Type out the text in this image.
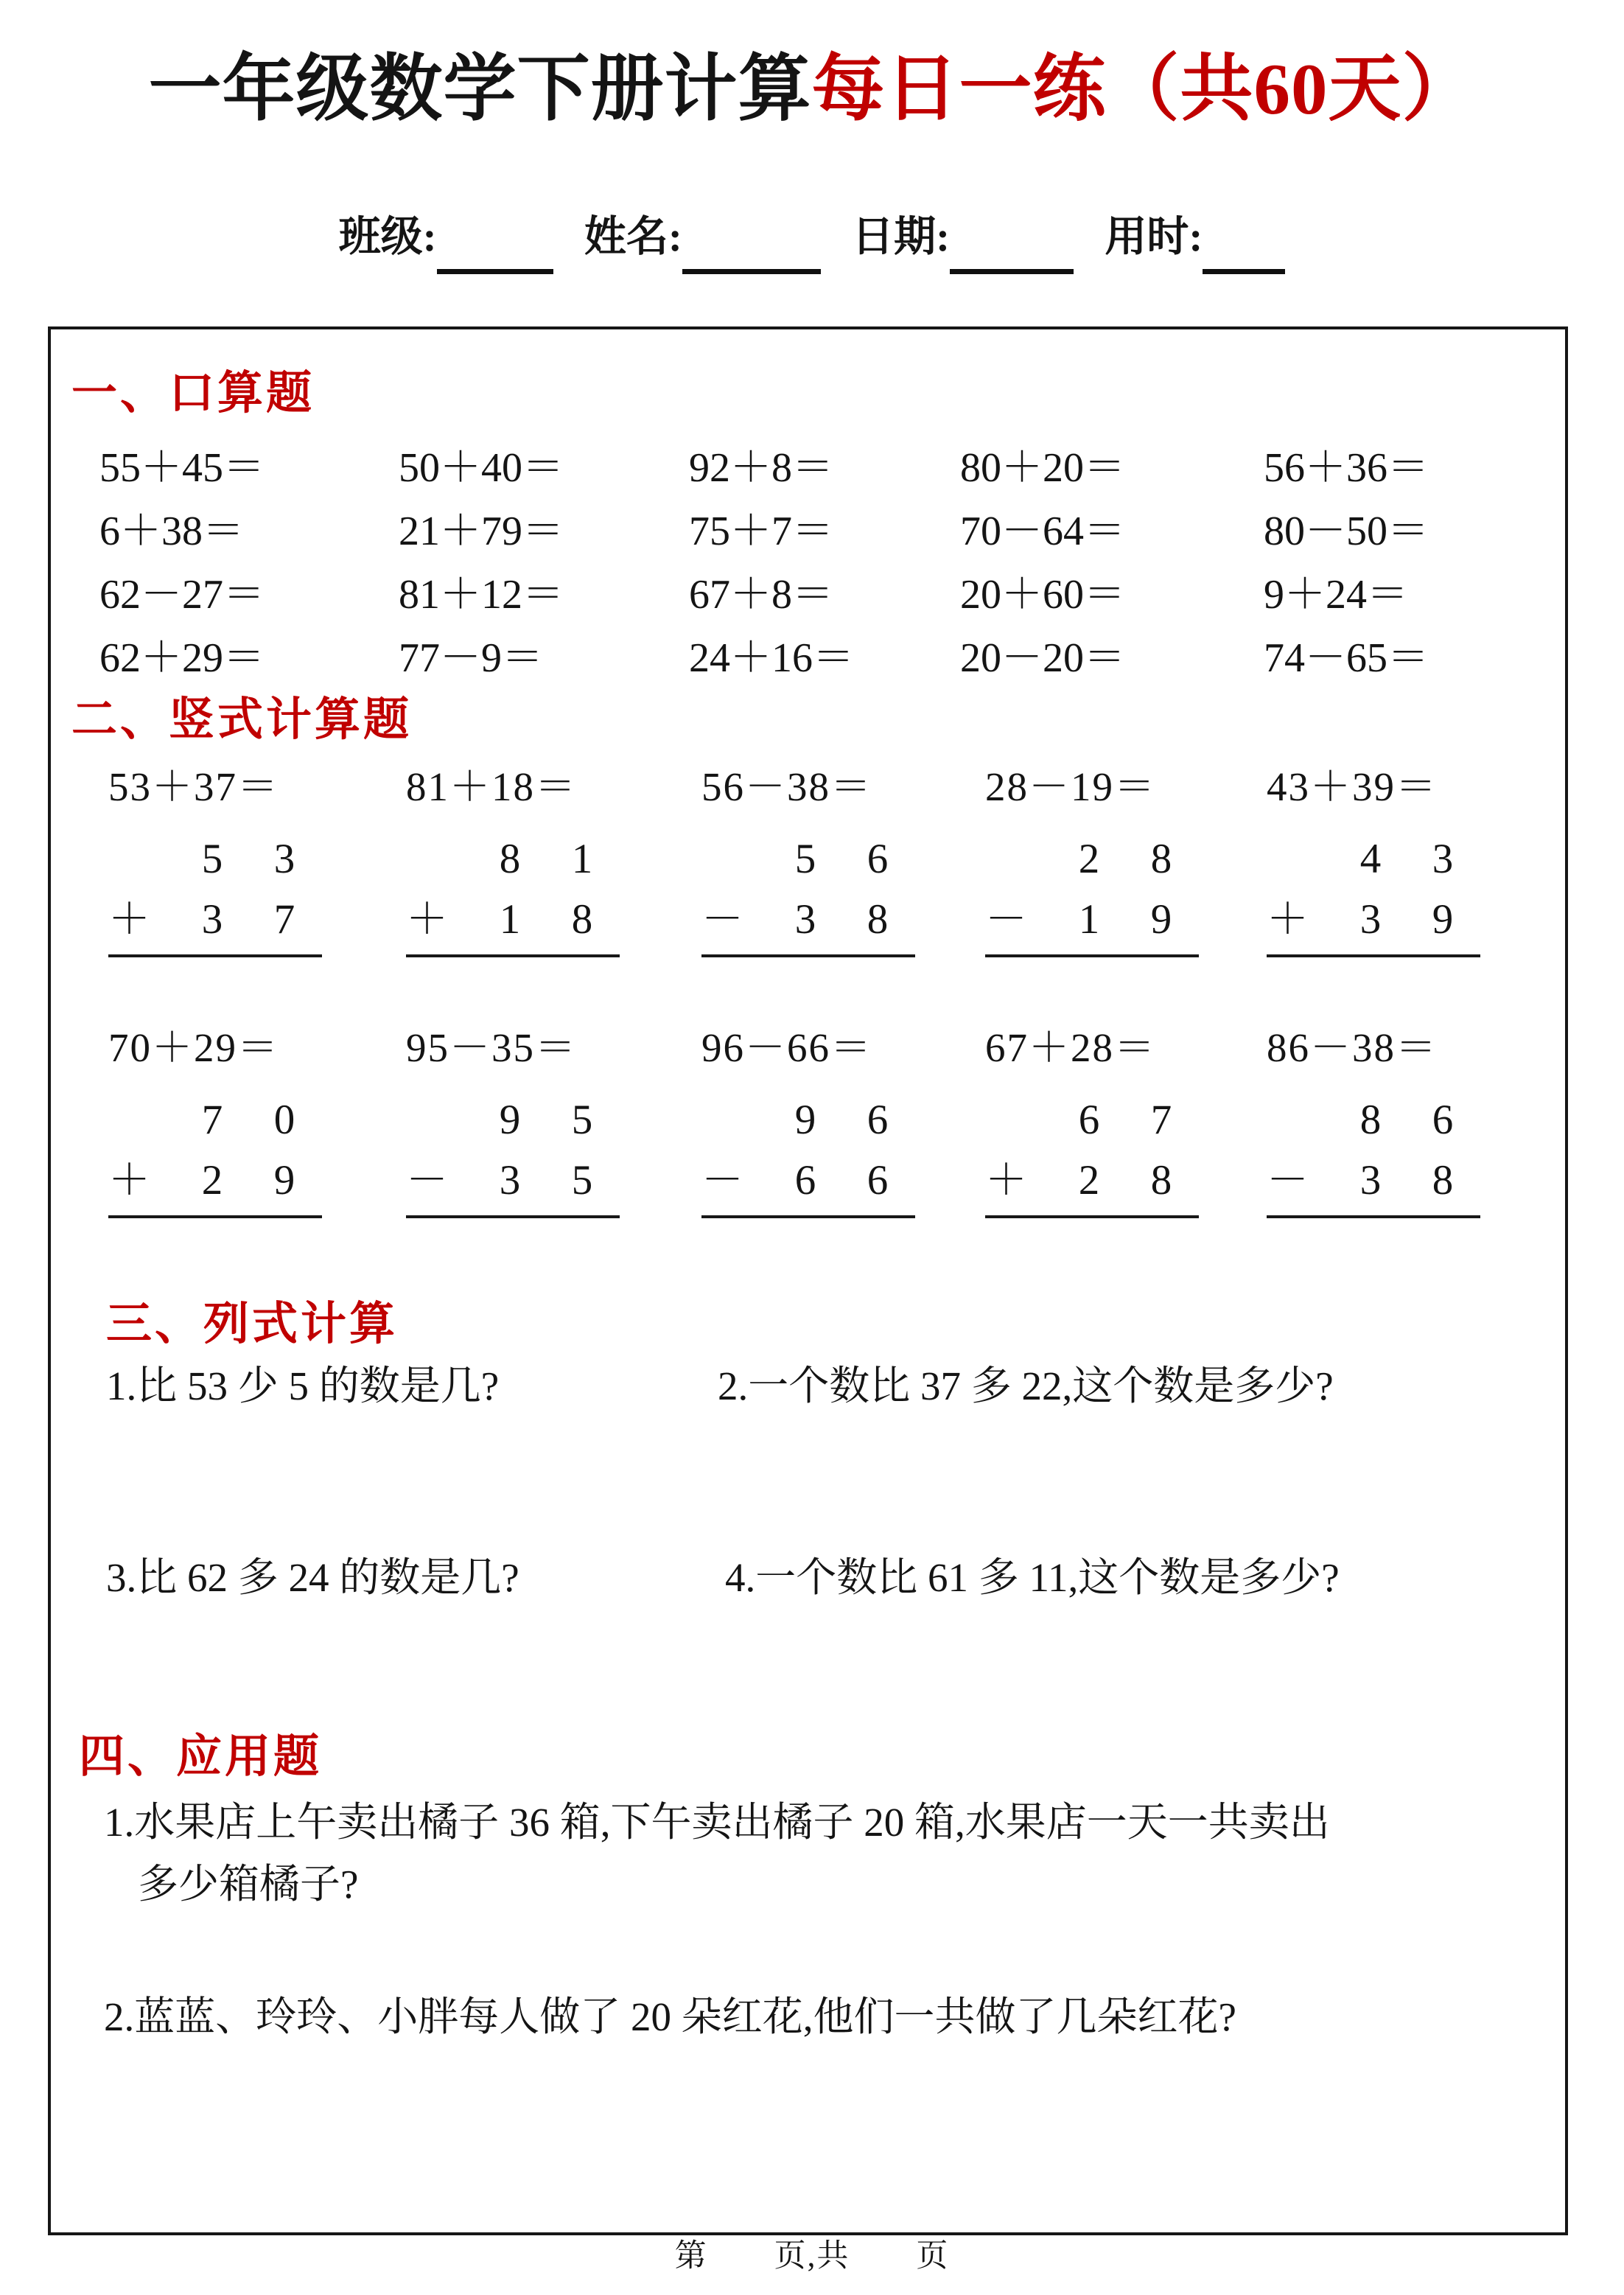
一年级数学下册计算每日一练（共60天）
班级:	姓名:	日期:	用时:
一、口算题
55＋45＝	50＋40＝	92＋8＝	80＋20＝	56＋36＝
6＋38＝	21＋79＝	75＋7＝	70－64＝	80－50＝
62－27＝	81＋12＝	67＋8＝	20＋60＝	9＋24＝
62＋29＝	77－9＝	24＋16＝	20－20＝	74－65＝
二、竖式计算题
53＋37＝
5	3
＋	3	7
81＋18＝
8	1
＋	1	8
56－38＝
5	6
－	3	8
28－19＝
2	8
－	1	9
43＋39＝
4	3
＋	3	9
70＋29＝
7	0
＋	2	9
95－35＝
9	5
－	3	5
96－66＝
9	6
－	6	6
67＋28＝
6	7
＋	2	8
86－38＝
8	6
－	3	8
三、列式计算
1.比 53 少 5 的数是几?	2.一个数比 37 多 22,这个数是多少?
3.比 62 多 24 的数是几?	4.一个数比 61 多 11,这个数是多少?
四、应用题
1.水果店上午卖出橘子 36 箱,下午卖出橘子 20 箱,水果店一天一共卖出
多少箱橘子?
2.蓝蓝、玲玲、小胖每人做了 20 朵红花,他们一共做了几朵红花?
第　　页,共　　页
